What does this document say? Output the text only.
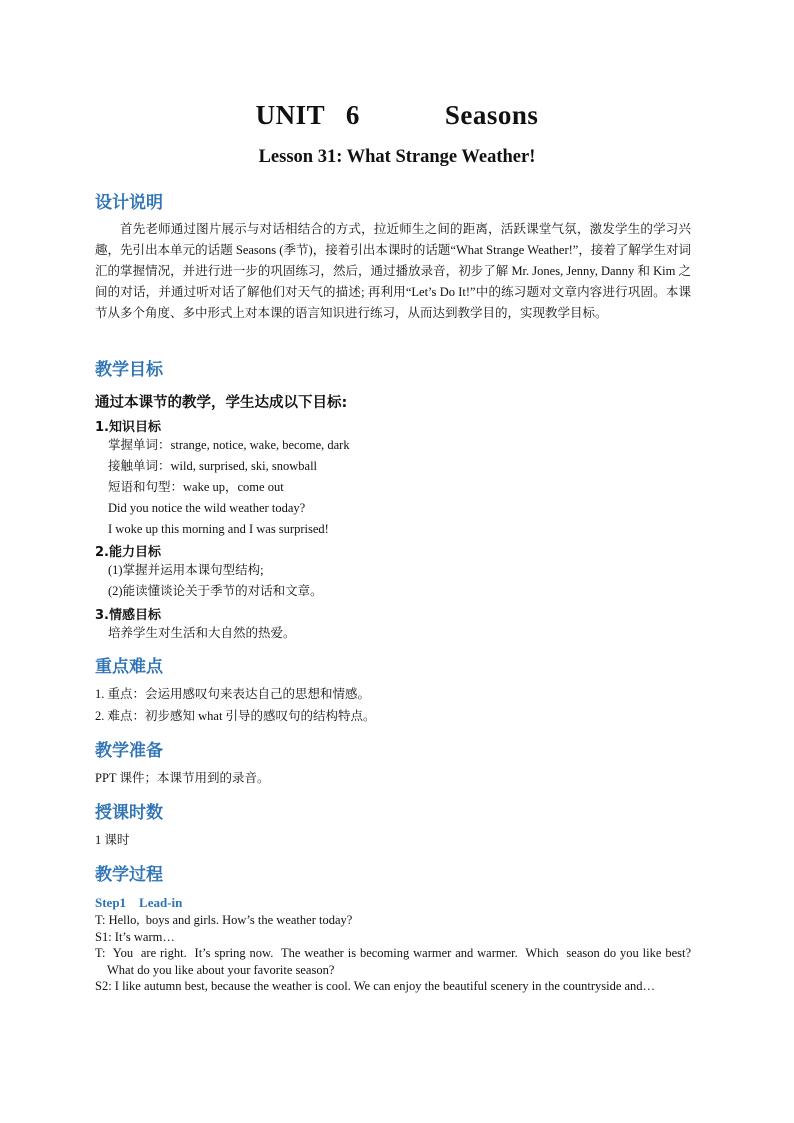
UNIT 6    Seasons
Lesson 31: What Strange Weather!
设计说明
首先老师通过图片展示与对话相结合的方式，拉近师生之间的距离，活跃课堂气氛，激发学生的学习兴趣，先引出本单元的话题 Seasons (季节)，接着引出本课时的话题“What Strange Weather!”，接着了解学生对词汇的掌握情况，并进行进一步的巩固练习，然后，通过播放录音，初步了解 Mr. Jones, Jenny, Danny 和 Kim 之间的对话，并通过听对话了解他们对天气的描述; 再利用“Let’s Do It!”中的练习题对文章内容进行巩固。本课节从多个角度、多中形式上对本课的语言知识进行练习，从而达到教学目的，实现教学目标。
教学目标
通过本课节的教学，学生达成以下目标:
1.知识目标
掌握单词：strange, notice, wake, become, dark
接触单词：wild, surprised, ski, snowball
短语和句型：wake up，come out
Did you notice the wild weather today?
I woke up this morning and I was surprised!
2.能力目标
(1)掌握并运用本课句型结构;
(2)能读懂谈论关于季节的对话和文章。
3.情感目标
培养学生对生活和大自然的热爱。
重点难点
1. 重点：会运用感叹句来表达自己的思想和情感。
2. 难点：初步感知 what 引导的感叹句的结构特点。
教学准备
PPT 课件；本课节用到的录音。
授课时数
1 课时
教学过程
Step1    Lead-in
T: Hello,  boys and girls. How’s the weather today?
S1: It’s warm…
T:  You  are right.  It’s spring now.  The weather is becoming warmer and warmer.  Which  season do you like best? What do you like about your favorite season?
S2: I like autumn best, because the weather is cool. We can enjoy the beautiful scenery in the countryside and…
